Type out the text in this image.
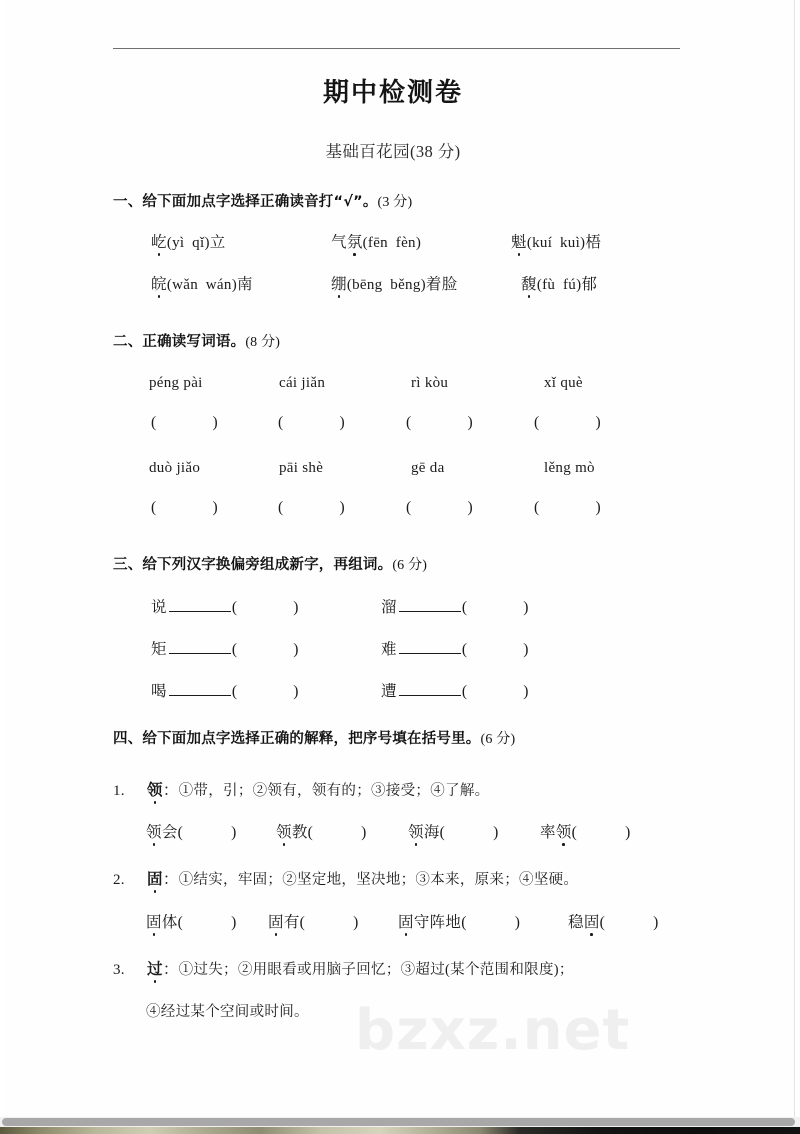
bzxz.net
期中检测卷
基础百花园(38 分)
一、给下面加点字选择正确读音打“√”。(3 分)
屹(yì qǐ)立	气氛(fēn fèn)	魁(kuí kuì)梧
皖(wǎn wán)南	绷(bēng běng)着脸	馥(fù fú)郁
二、正确读写词语。(8 分)
péng pài	cái jiǎn	rì kòu	xǐ què
(	)	(	)	(	)	(	)
duò jiǎo	pāi shè	gē da	lěng mò
(	)	(	)	(	)	(	)
三、给下列汉字换偏旁组成新字，再组词。(6 分)
说	(	)	溜	(	)
矩	(	)	难	(	)
喝	(	)	遭	(	)
四、给下面加点字选择正确的解释，把序号填在括号里。(6 分)
1. 领：①带，引；②领有，领有的；③接受；④了解。
领会(	)	领教(	)	领海(	)	率领(	)
2. 固：①结实，牢固；②坚定地，坚决地；③本来，原来；④坚硬。
固体(	) 固有(	)	固守阵地(	)	稳固(	)
3. 过：①过失；②用眼看或用脑子回忆；③超过(某个范围和限度)；
④经过某个空间或时间。
